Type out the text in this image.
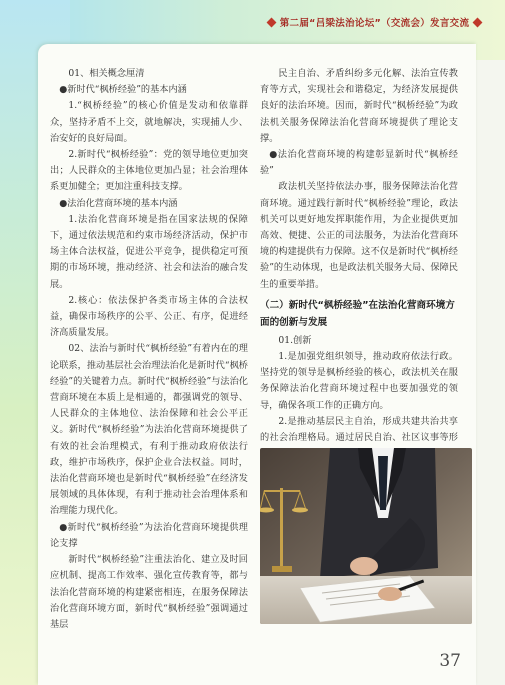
第二届“吕梁法治论坛”（交流会）发言交流

01、相关概念厘清

●新时代“枫桥经验”的基本内涵

1.“枫桥经验”的核心价值是发动和依靠群众，坚持矛盾不上交，就地解决，实现捕人少、治安好的良好局面。

2.新时代“枫桥经验”：党的领导地位更加突出；人民群众的主体地位更加凸显；社会治理体系更加健全；更加注重科技支撑。

●法治化营商环境的基本内涵

1.法治化营商环境是指在国家法规的保障下，通过依法规范和约束市场经济活动，保护市场主体合法权益，促进公平竞争，提供稳定可预期的市场环境，推动经济、社会和法治的融合发展。

2.核心：依法保护各类市场主体的合法权益，确保市场秩序的公平、公正、有序，促进经济高质量发展。

02、法治与新时代“枫桥经验”有着内在的理论联系，推动基层社会治理法治化是新时代“枫桥经验”的关键着力点。新时代“枫桥经验”与法治化营商环境在本质上是相通的，都强调党的领导、人民群众的主体地位、法治保障和社会公平正义。新时代“枫桥经验”为法治化营商环境提供了有效的社会治理模式，有利于推动政府依法行政，维护市场秩序，保护企业合法权益。同时，法治化营商环境也是新时代“枫桥经验”在经济发展领域的具体体现，有利于推动社会治理体系和治理能力现代化。

●新时代“枫桥经验”为法治化营商环境提供理论支撑

新时代“枫桥经验”注重法治化、建立及时回应机制、提高工作效率、强化宣传教育等，都与法治化营商环境的构建紧密相连，在服务保障法治化营商环境方面，新时代“枫桥经验”强调通过基层

民主自治、矛盾纠纷多元化解、法治宣传教育等方式，实现社会和谐稳定，为经济发展提供良好的法治环境。因而，新时代“枫桥经验”为政法机关服务保障法治化营商环境提供了理论支撑。

●法治化营商环境的构建彰显新时代“枫桥经验”

政法机关坚持依法办事，服务保障法治化营商环境。通过践行新时代“枫桥经验”理论，政法机关可以更好地发挥职能作用，为企业提供更加高效、便捷、公正的司法服务，为法治化营商环境的构建提供有力保障。这不仅是新时代“枫桥经验”的生动体现，也是政法机关服务大局、保障民生的重要举措。

（二）新时代“枫桥经验”在法治化营商环境方面的创新与发展

01.创新

1.是加强党组织领导，推动政府依法行政。坚持党的领导是枫桥经验的核心，政法机关在服务保障法治化营商环境过程中也要加强党的领导，确保各项工作的正确方向。

2.是推动基层民主自治，形成共建共治共享的社会治理格局。通过居民自治、社区议事等形

37
